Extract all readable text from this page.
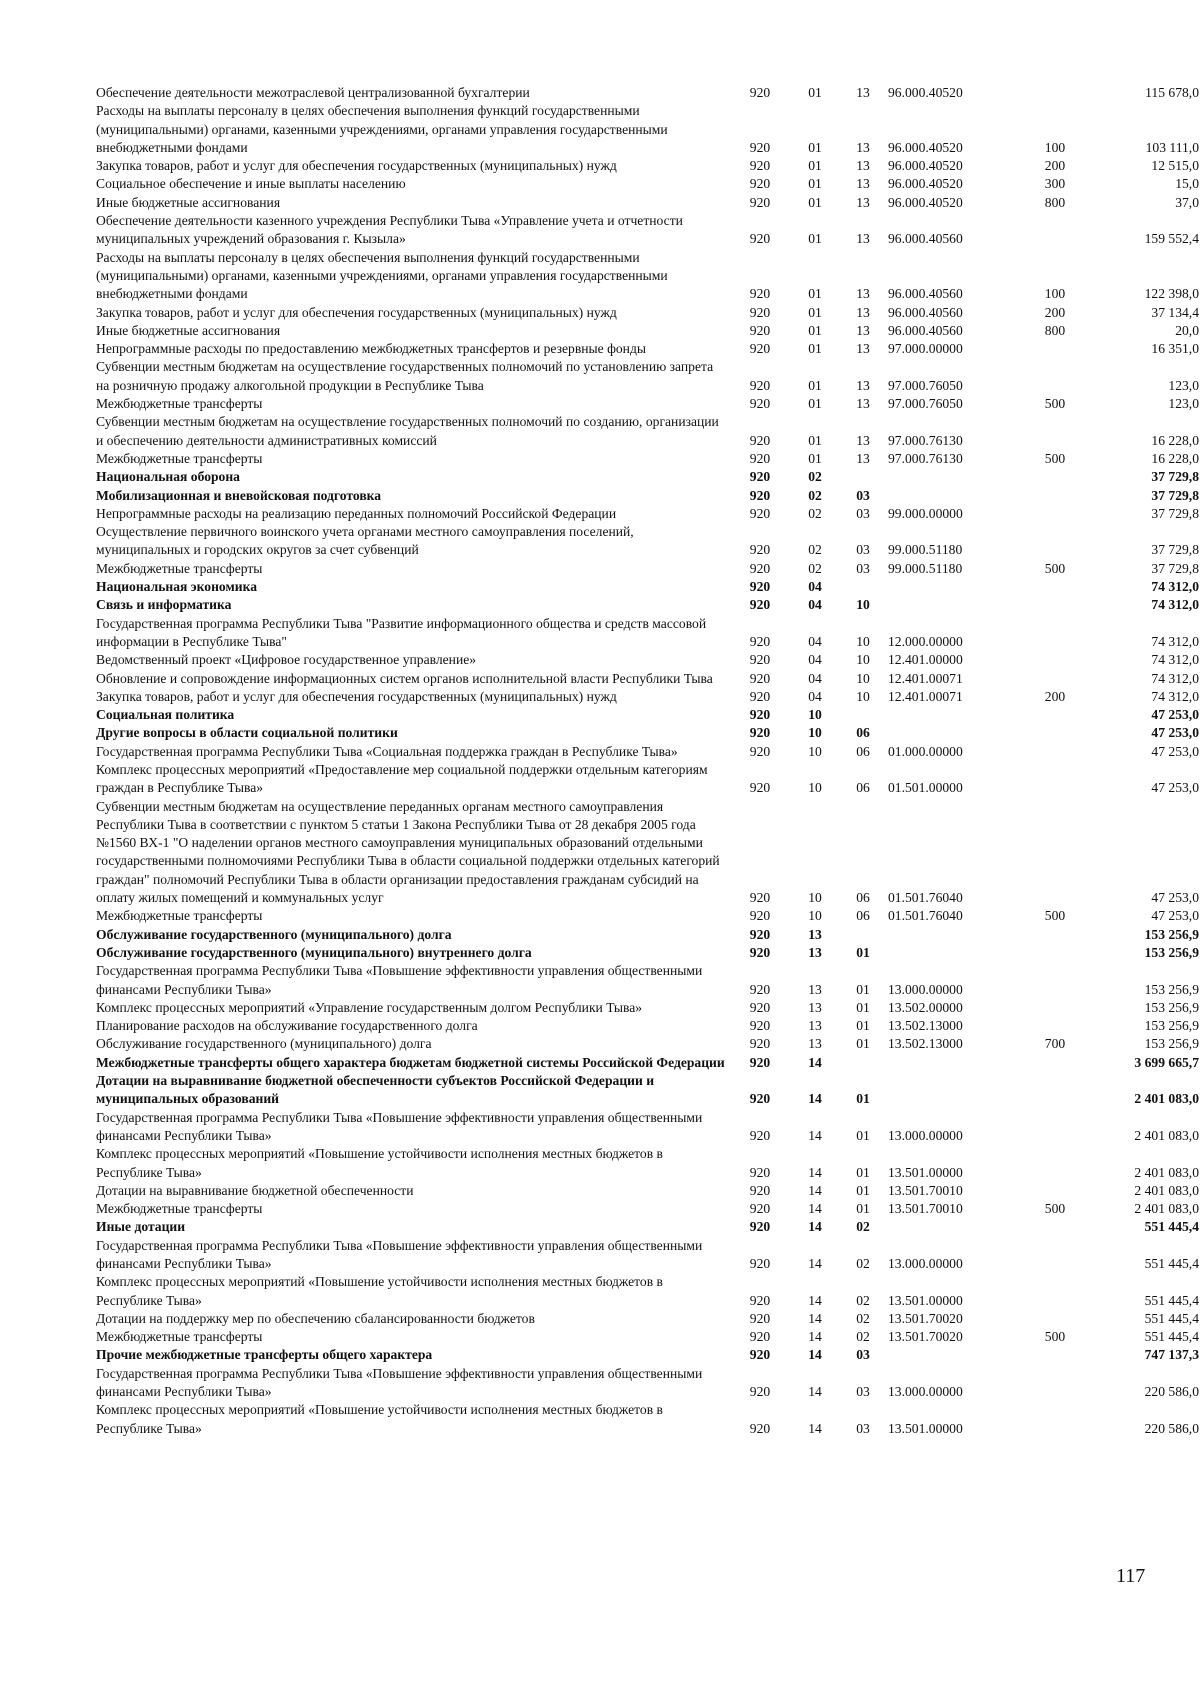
Обеспечение деятельности межотраслевой централизованной бухгалтерии	920	01	13	96.000.40520		115 678,0
Расходы на выплаты персоналу в целях обеспечения выполнения функций государственными (муниципальными) органами, казенными учреждениями, органами управления государственными внебюджетными фондами	920	01	13	96.000.40520	100	103 111,0
Закупка товаров, работ и услуг для обеспечения государственных (муниципальных) нужд	920	01	13	96.000.40520	200	12 515,0
Социальное обеспечение и иные выплаты населению	920	01	13	96.000.40520	300	15,0
Иные бюджетные ассигнования	920	01	13	96.000.40520	800	37,0
Обеспечение деятельности казенного учреждения Республики Тыва «Управление учета и отчетности муниципальных учреждений образования г. Кызыла»	920	01	13	96.000.40560		159 552,4
Расходы на выплаты персоналу в целях обеспечения выполнения функций государственными (муниципальными) органами, казенными учреждениями, органами управления государственными внебюджетными фондами	920	01	13	96.000.40560	100	122 398,0
Закупка товаров, работ и услуг для обеспечения государственных (муниципальных) нужд	920	01	13	96.000.40560	200	37 134,4
Иные бюджетные ассигнования	920	01	13	96.000.40560	800	20,0
Непрограммные расходы по предоставлению межбюджетных трансфертов и резервные фонды	920	01	13	97.000.00000		16 351,0
Субвенции местным бюджетам на осуществление государственных полномочий по установлению запрета на розничную продажу алкогольной продукции в Республике Тыва	920	01	13	97.000.76050		123,0
Межбюджетные трансферты	920	01	13	97.000.76050	500	123,0
Субвенции местным бюджетам на осуществление государственных полномочий по созданию, организации и обеспечению деятельности административных комиссий	920	01	13	97.000.76130		16 228,0
Межбюджетные трансферты	920	01	13	97.000.76130	500	16 228,0
Национальная оборона	920	02				37 729,8
Мобилизационная и вневойсковая подготовка	920	02	03			37 729,8
Непрограммные расходы на реализацию переданных полномочий Российской Федерации	920	02	03	99.000.00000		37 729,8
Осуществление первичного воинского учета органами местного самоуправления поселений, муниципальных и городских округов за счет субвенций	920	02	03	99.000.51180		37 729,8
Межбюджетные трансферты	920	02	03	99.000.51180	500	37 729,8
Национальная экономика	920	04				74 312,0
Связь и информатика	920	04	10			74 312,0
Государственная программа Республики Тыва "Развитие информационного общества и средств массовой информации в Республике Тыва"	920	04	10	12.000.00000		74 312,0
Ведомственный проект «Цифровое государственное управление»	920	04	10	12.401.00000		74 312,0
Обновление и сопровождение информационных систем органов исполнительной власти Республики Тыва	920	04	10	12.401.00071		74 312,0
Закупка товаров, работ и услуг для обеспечения государственных (муниципальных) нужд	920	04	10	12.401.00071	200	74 312,0
Социальная политика	920	10				47 253,0
Другие вопросы в области социальной политики	920	10	06			47 253,0
Государственная программа Республики Тыва «Социальная поддержка граждан в Республике Тыва»	920	10	06	01.000.00000		47 253,0
Комплекс процессных мероприятий «Предоставление мер социальной поддержки отдельным категориям граждан в Республике Тыва»	920	10	06	01.501.00000		47 253,0
Субвенции местным бюджетам на осуществление переданных органам местного самоуправления Республики Тыва в соответствии с пунктом 5 статьи 1 Закона Республики Тыва от 28 декабря 2005 года №1560 ВХ-1 "О наделении органов местного самоуправления муниципальных образований отдельными государственными полномочиями Республики Тыва в области социальной поддержки отдельных категорий граждан" полномочий Республики Тыва в области организации предоставления гражданам субсидий на оплату жилых помещений и коммунальных услуг	920	10	06	01.501.76040		47 253,0
Межбюджетные трансферты	920	10	06	01.501.76040	500	47 253,0
Обслуживание государственного (муниципального) долга	920	13				153 256,9
Обслуживание государственного (муниципального) внутреннего долга	920	13	01			153 256,9
Государственная программа Республики Тыва «Повышение эффективности управления общественными финансами Республики Тыва»	920	13	01	13.000.00000		153 256,9
Комплекс процессных мероприятий «Управление государственным долгом Республики Тыва»	920	13	01	13.502.00000		153 256,9
Планирование расходов на обслуживание государственного долга	920	13	01	13.502.13000		153 256,9
Обслуживание государственного (муниципального) долга	920	13	01	13.502.13000	700	153 256,9
Межбюджетные трансферты общего характера бюджетам бюджетной системы Российской Федерации	920	14				3 699 665,7
Дотации на выравнивание бюджетной обеспеченности субъектов Российской Федерации и муниципальных образований	920	14	01			2 401 083,0
Государственная программа Республики Тыва «Повышение эффективности управления общественными финансами Республики Тыва»	920	14	01	13.000.00000		2 401 083,0
Комплекс процессных мероприятий «Повышение устойчивости исполнения местных бюджетов в Республике Тыва»	920	14	01	13.501.00000		2 401 083,0
Дотации на выравнивание бюджетной обеспеченности	920	14	01	13.501.70010		2 401 083,0
Межбюджетные трансферты	920	14	01	13.501.70010	500	2 401 083,0
Иные дотации	920	14	02			551 445,4
Государственная программа Республики Тыва «Повышение эффективности управления общественными финансами Республики Тыва»	920	14	02	13.000.00000		551 445,4
Комплекс процессных мероприятий «Повышение устойчивости исполнения местных бюджетов в Республике Тыва»	920	14	02	13.501.00000		551 445,4
Дотации на поддержку мер по обеспечению сбалансированности бюджетов	920	14	02	13.501.70020		551 445,4
Межбюджетные трансферты	920	14	02	13.501.70020	500	551 445,4
Прочие межбюджетные трансферты общего характера	920	14	03			747 137,3
Государственная программа Республики Тыва «Повышение эффективности управления общественными финансами Республики Тыва»	920	14	03	13.000.00000		220 586,0
Комплекс процессных мероприятий «Повышение устойчивости исполнения местных бюджетов в Республике Тыва»	920	14	03	13.501.00000		220 586,0
117
